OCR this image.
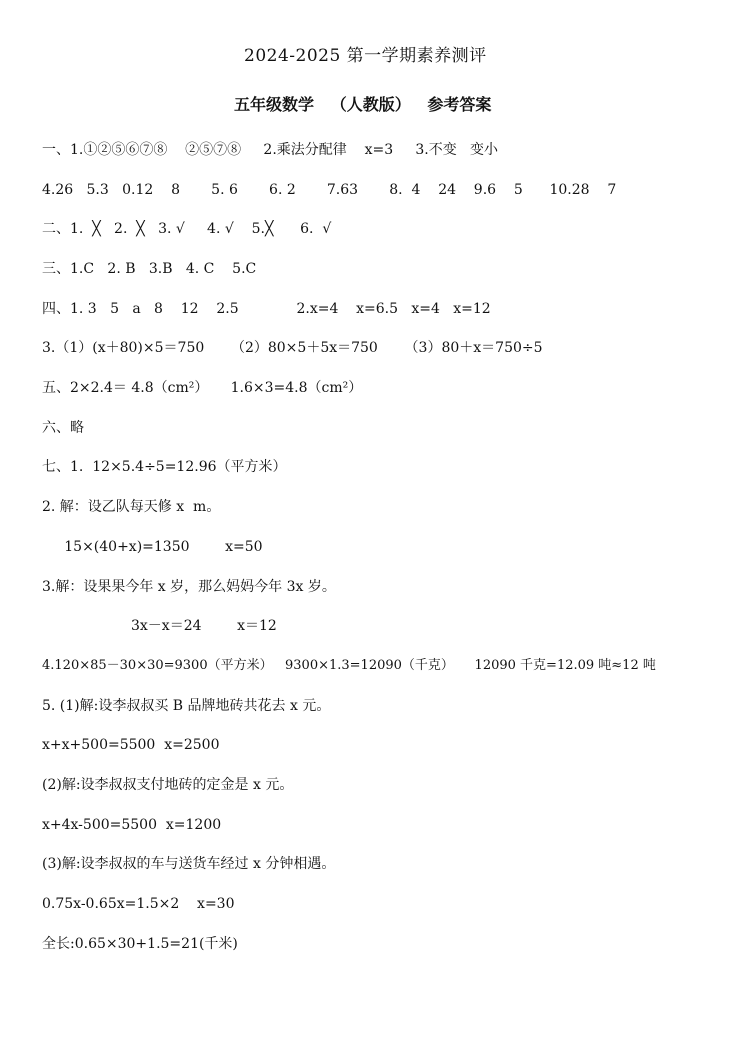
2024-2025 第一学期素养测评
五年级数学   （人教版）   参考答案
一、1.①②⑤⑥⑦⑧    ②⑤⑦⑧     2.乘法分配律    x=3     3.不变   变小
4.26   5.3   0.12    8       5. 6       6. 2       7.63       8.  4    24    9.6    5      10.28    7
二、1.  ╳   2.  ╳   3. √     4. √    5.╳      6.  √
三、1.C   2. B   3.B   4. C    5.C
四、1. 3   5   a   8    12    2.5             2.x=4    x=6.5   x=4   x=12
3.（1）(x＋80)×5＝750      （2）80×5＋5x＝750      （3）80＋x＝750÷5
五、2×2.4＝ 4.8（cm²）     1.6×3=4.8（cm²）
六、略
七、1.  12×5.4÷5=12.96（平方米）
2. 解：设乙队每天修 x  m。
15×(40+x)=1350        x=50
3.解：设果果今年 x 岁，那么妈妈今年 3x 岁。
3x－x＝24        x＝12
4.120×85－30×30=9300（平方米）   9300×1.3=12090（千克）     12090 千克=12.09 吨≈12 吨
5. (1)解:设李叔叔买 B 品牌地砖共花去 x 元。
x+x+500=5500  x=2500
(2)解:设李叔叔支付地砖的定金是 x 元。
x+4x-500=5500  x=1200
(3)解:设李叔叔的车与送货车经过 x 分钟相遇。
0.75x-0.65x=1.5×2    x=30
全长:0.65×30+1.5=21(千米)
